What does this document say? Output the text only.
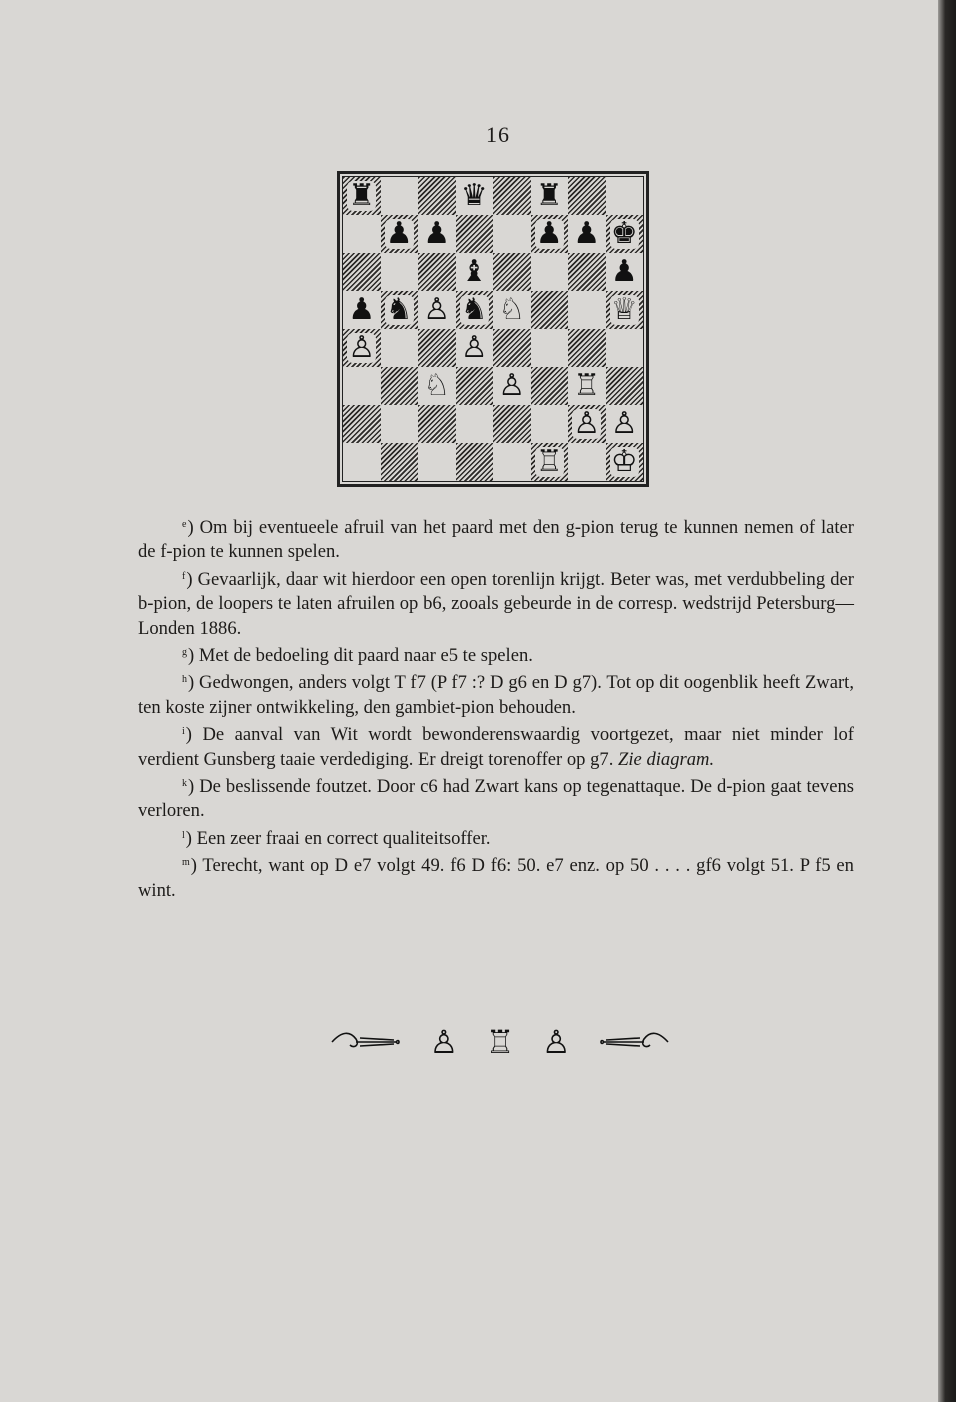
16
♜	♛ ♜
♟ ♟	♟ ♟ ♚
♝	♟
♟ ♞ ♙ ♞ ♘	♕
♙	♙
♘ ♙ ♖
♙ ♙
♖ ♔

$^e$) Om bij eventueele afruil van het paard met den g-pion terug te kunnen nemen of later de f-pion te kunnen spelen.

$^f$) Gevaarlijk, daar wit hierdoor een open torenlijn krijgt. Beter was, met verdubbeling der b-pion, de loopers te laten afruilen op b6, zooals gebeurde in de corresp. wedstrijd Petersburg—Londen 1886.

$^g$) Met de bedoeling dit paard naar e5 te spelen.

$^h$) Gedwongen, anders volgt T f7 (P f7 :? D g6 en D g7). Tot op dit oogenblik heeft Zwart, ten koste zijner ontwikkeling, den gambiet-pion behouden.

$^i$) De aanval van Wit wordt bewonderenswaardig voortgezet, maar niet minder lof verdient Gunsberg taaie verdediging. Er dreigt torenoffer op g7. Zie diagram.

$^k$) De beslissende foutzet. Door c6 had Zwart kans op tegenattaque. De d-pion gaat tevens verloren.

$^l$) Een zeer fraai en correct qualiteitsoffer.

$^m$) Terecht, want op D e7 volgt 49. f6 D f6: 50. e7 enz. op 50 . . . . gf6 volgt 51. P f5 en wint.

♙ ♖ ♙
